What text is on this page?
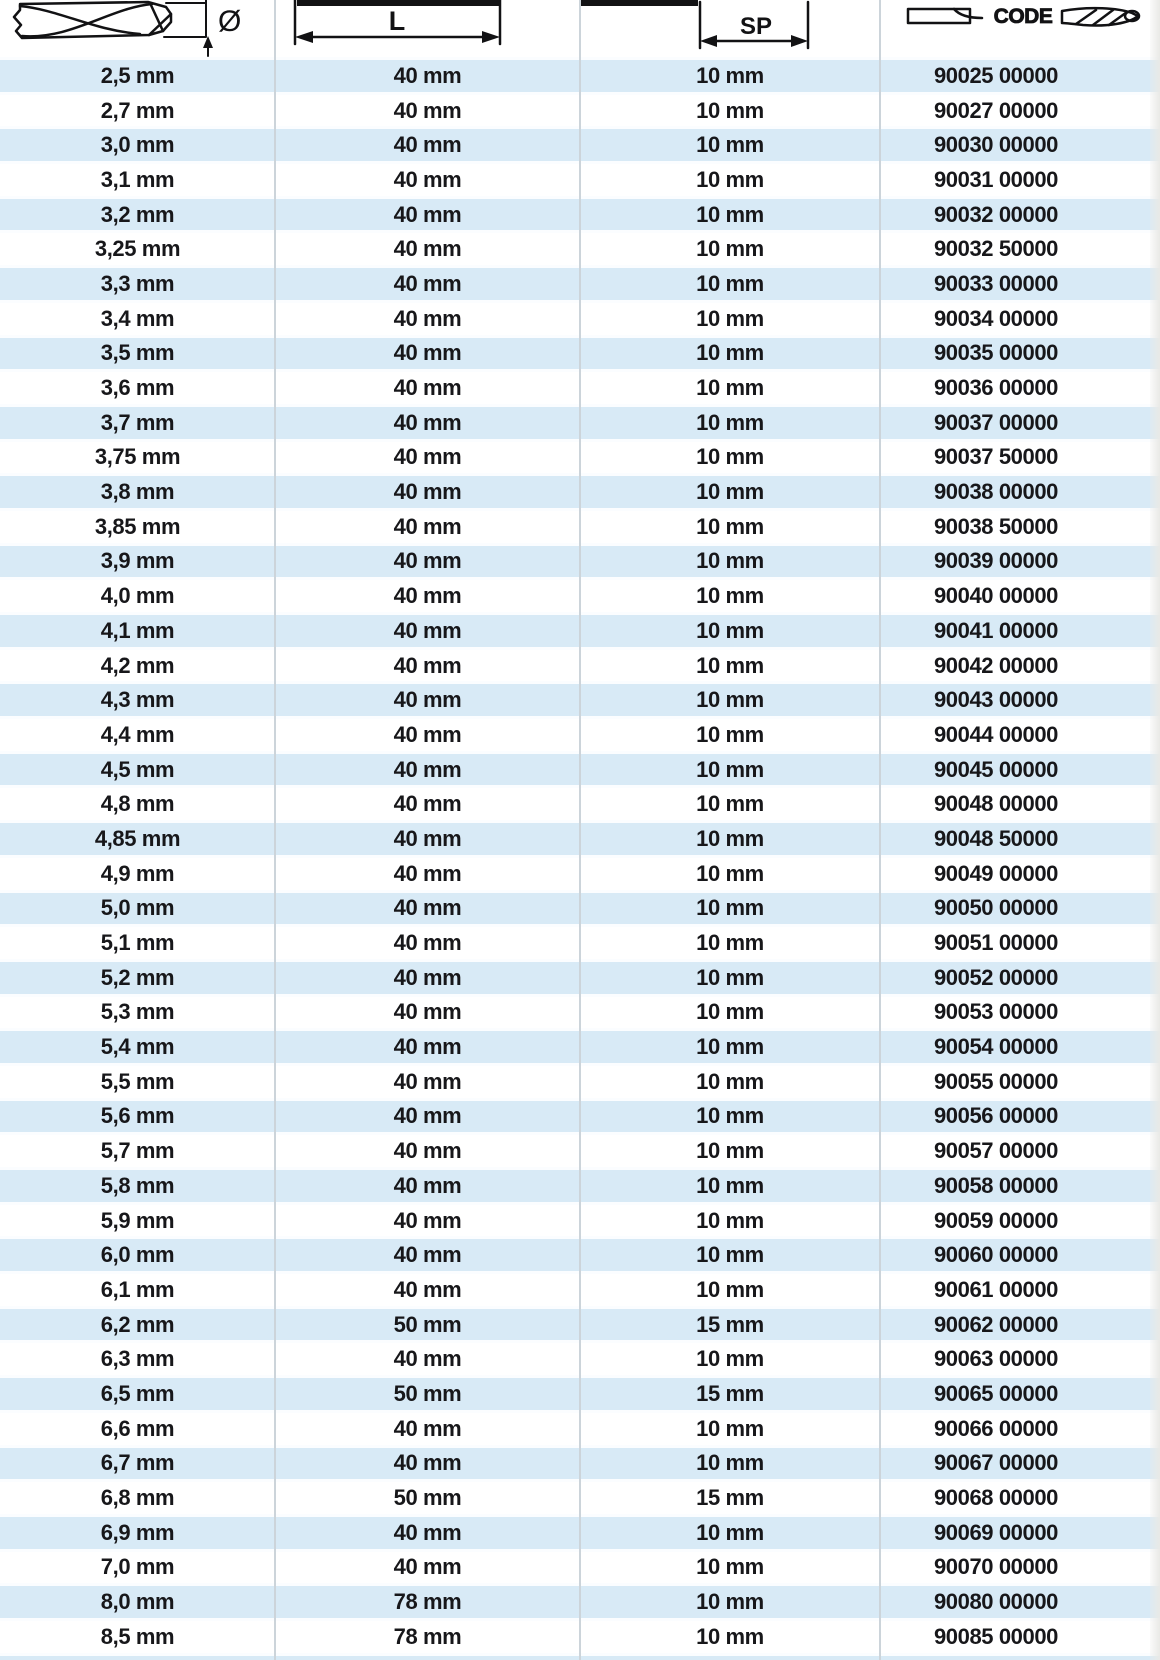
Ø	L	SP	CODE
2,5 mm	40 mm	10 mm	90025 00000
2,7 mm	40 mm	10 mm	90027 00000
3,0 mm	40 mm	10 mm	90030 00000
3,1 mm	40 mm	10 mm	90031 00000
3,2 mm	40 mm	10 mm	90032 00000
3,25 mm	40 mm	10 mm	90032 50000
3,3 mm	40 mm	10 mm	90033 00000
3,4 mm	40 mm	10 mm	90034 00000
3,5 mm	40 mm	10 mm	90035 00000
3,6 mm	40 mm	10 mm	90036 00000
3,7 mm	40 mm	10 mm	90037 00000
3,75 mm	40 mm	10 mm	90037 50000
3,8 mm	40 mm	10 mm	90038 00000
3,85 mm	40 mm	10 mm	90038 50000
3,9 mm	40 mm	10 mm	90039 00000
4,0 mm	40 mm	10 mm	90040 00000
4,1 mm	40 mm	10 mm	90041 00000
4,2 mm	40 mm	10 mm	90042 00000
4,3 mm	40 mm	10 mm	90043 00000
4,4 mm	40 mm	10 mm	90044 00000
4,5 mm	40 mm	10 mm	90045 00000
4,8 mm	40 mm	10 mm	90048 00000
4,85 mm	40 mm	10 mm	90048 50000
4,9 mm	40 mm	10 mm	90049 00000
5,0 mm	40 mm	10 mm	90050 00000
5,1 mm	40 mm	10 mm	90051 00000
5,2 mm	40 mm	10 mm	90052 00000
5,3 mm	40 mm	10 mm	90053 00000
5,4 mm	40 mm	10 mm	90054 00000
5,5 mm	40 mm	10 mm	90055 00000
5,6 mm	40 mm	10 mm	90056 00000
5,7 mm	40 mm	10 mm	90057 00000
5,8 mm	40 mm	10 mm	90058 00000
5,9 mm	40 mm	10 mm	90059 00000
6,0 mm	40 mm	10 mm	90060 00000
6,1 mm	40 mm	10 mm	90061 00000
6,2 mm	50 mm	15 mm	90062 00000
6,3 mm	40 mm	10 mm	90063 00000
6,5 mm	50 mm	15 mm	90065 00000
6,6 mm	40 mm	10 mm	90066 00000
6,7 mm	40 mm	10 mm	90067 00000
6,8 mm	50 mm	15 mm	90068 00000
6,9 mm	40 mm	10 mm	90069 00000
7,0 mm	40 mm	10 mm	90070 00000
8,0 mm	78 mm	10 mm	90080 00000
8,5 mm	78 mm	10 mm	90085 00000
